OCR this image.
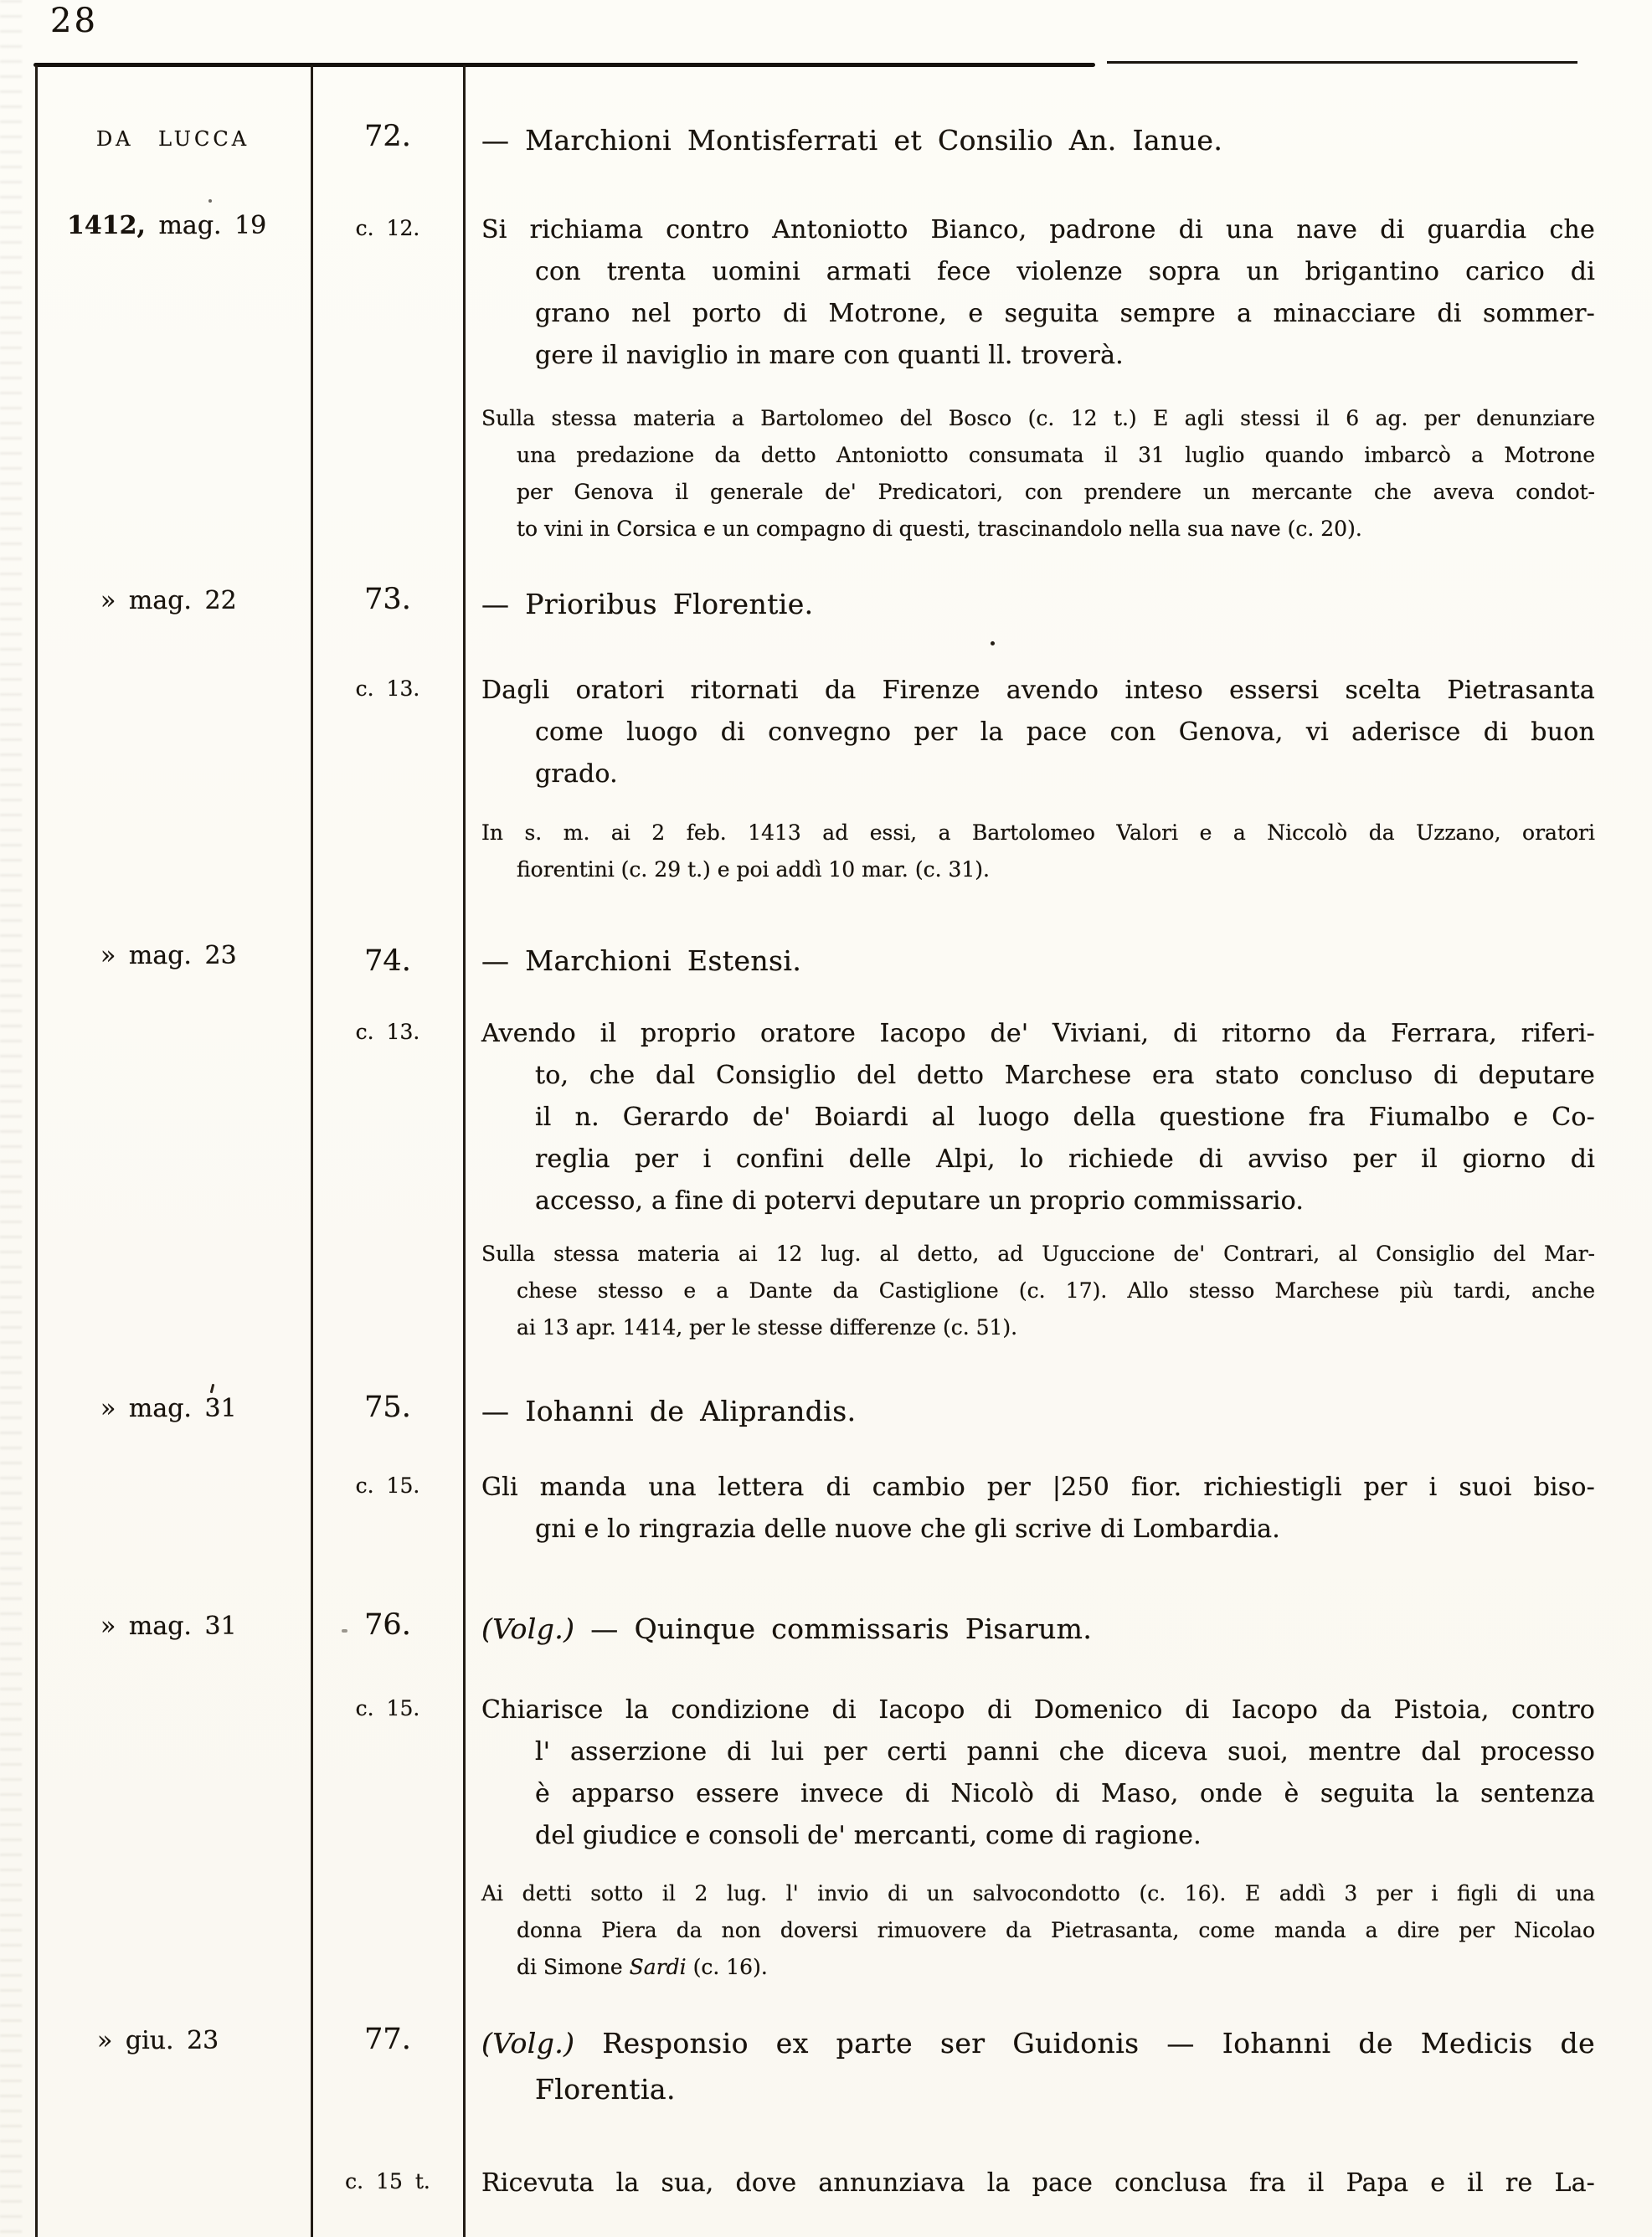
28
DA LUCCA	72.	— Marchioni Montisferrati et Consilio An. Ianue.
1412, mag. 19	c. 12.	Si richiama contro Antoniotto Bianco, padrone di una nave di guardia che
con trenta uomini armati fece violenze sopra un brigantino carico di
grano nel porto di Motrone, e seguita sempre a minacciare di sommer-
gere il naviglio in mare con quanti ll. troverà.
Sulla stessa materia a Bartolomeo del Bosco (c. 12 t.) E agli stessi il 6 ag. per denunziare
una predazione da detto Antoniotto consumata il 31 luglio quando imbarcò a Motrone
per Genova il generale de' Predicatori, con prendere un mercante che aveva condot-
to vini in Corsica e un compagno di questi, trascinandolo nella sua nave (c. 20).
» mag. 22	73.	— Prioribus Florentie.
c. 13.	Dagli oratori ritornati da Firenze avendo inteso essersi scelta Pietrasanta
come luogo di convegno per la pace con Genova, vi aderisce di buon
grado.
In s. m. ai 2 feb. 1413 ad essi, a Bartolomeo Valori e a Niccolò da Uzzano, oratori
fiorentini (c. 29 t.) e poi addì 10 mar. (c. 31).
» mag. 23	74.	— Marchioni Estensi.
c. 13.	Avendo il proprio oratore Iacopo de' Viviani, di ritorno da Ferrara, riferi-
to, che dal Consiglio del detto Marchese era stato concluso di deputare
il n. Gerardo de' Boiardi al luogo della questione fra Fiumalbo e Co-
reglia per i confini delle Alpi, lo richiede di avviso per il giorno di
accesso, a fine di potervi deputare un proprio commissario.
Sulla stessa materia ai 12 lug. al detto, ad Uguccione de' Contrari, al Consiglio del Mar-
chese stesso e a Dante da Castiglione (c. 17). Allo stesso Marchese più tardi, anche
ai 13 apr. 1414, per le stesse differenze (c. 51).
» mag. 31	75.	— Iohanni de Aliprandis.
c. 15.	Gli manda una lettera di cambio per |250 fior. richiestigli per i suoi biso-
gni e lo ringrazia delle nuove che gli scrive di Lombardia.
» mag. 31	76.	(Volg.) — Quinque commissaris Pisarum.
c. 15.	Chiarisce la condizione di Iacopo di Domenico di Iacopo da Pistoia, contro
l' asserzione di lui per certi panni che diceva suoi, mentre dal processo
è apparso essere invece di Nicolò di Maso, onde è seguita la sentenza
del giudice e consoli de' mercanti, come di ragione.
Ai detti sotto il 2 lug. l' invio di un salvocondotto (c. 16). E addì 3 per i figli di una
donna Piera da non doversi rimuovere da Pietrasanta, come manda a dire per Nicolao
di Simone Sardi (c. 16).
» giu. 23	77.	(Volg.) Responsio ex parte ser Guidonis — Iohanni de Medicis de
Florentia.
c. 15 t.	Ricevuta la sua, dove annunziava la pace conclusa fra il Papa e il re La-
